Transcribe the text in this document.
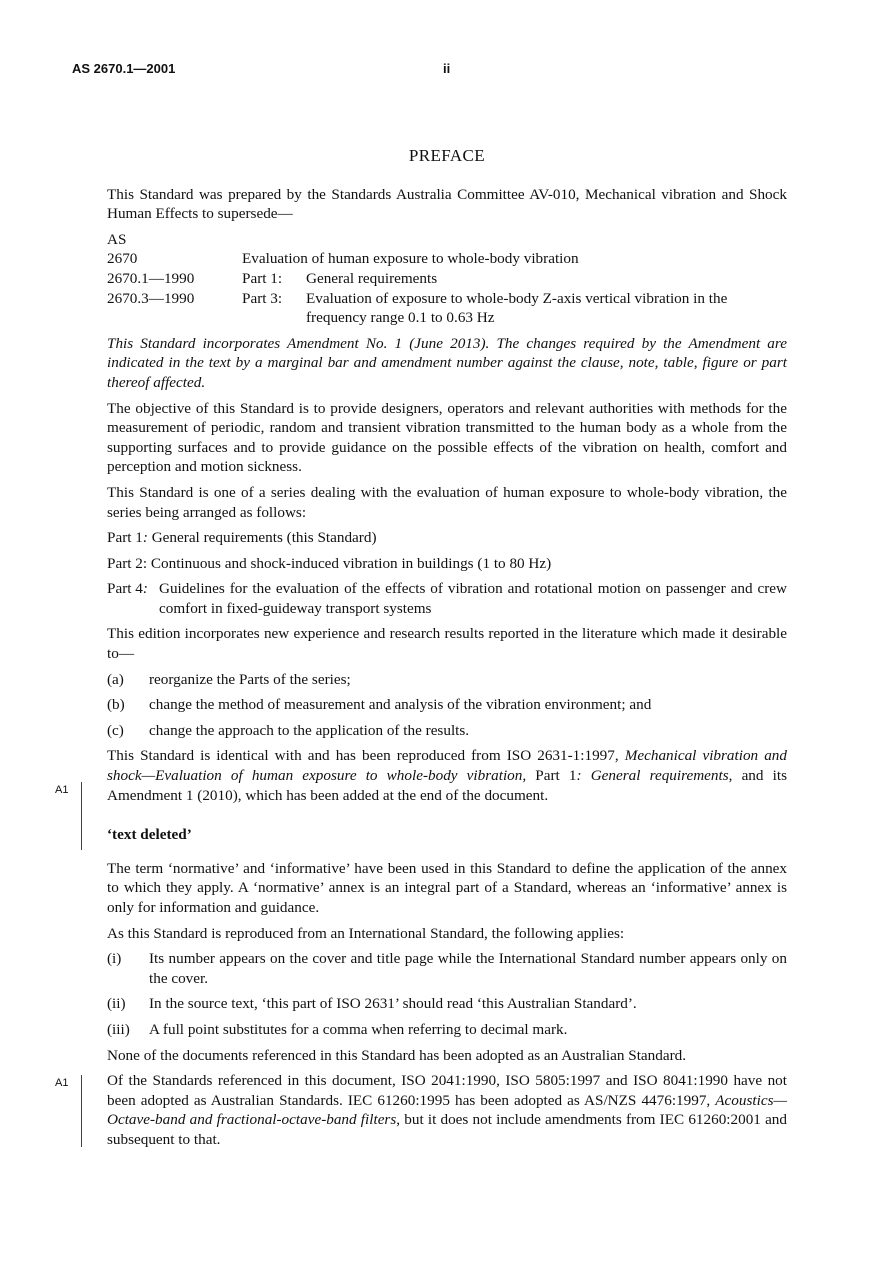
AS 2670.1—2001	ii
A1
A1
PREFACE

This Standard was prepared by the Standards Australia Committee AV-010, Mechanical vibration and Shock Human Effects to supersede—

AS
2670	Evaluation of human exposure to whole-body vibration
2670.1—1990	Part 1:	General requirements
2670.3—1990	Part 3:	Evaluation of exposure to whole-body Z-axis vertical vibration in the frequency range 0.1 to 0.63 Hz

This Standard incorporates Amendment No. 1 (June 2013). The changes required by the Amendment are indicated in the text by a marginal bar and amendment number against the clause, note, table, figure or part thereof affected.

The objective of this Standard is to provide designers, operators and relevant authorities with methods for the measurement of periodic, random and transient vibration transmitted to the human body as a whole from the supporting surfaces and to provide guidance on the possible effects of the vibration on health, comfort and perception and motion sickness.

This Standard is one of a series dealing with the evaluation of human exposure to whole-body vibration, the series being arranged as follows:

Part 1: General requirements (this Standard)
Part 2: Continuous and shock-induced vibration in buildings (1 to 80 Hz)
Part 4: Guidelines for the evaluation of the effects of vibration and rotational motion on passenger and crew comfort in fixed-guideway transport systems

This edition incorporates new experience and research results reported in the literature which made it desirable to—

(a)	reorganize the Parts of the series;
(b)	change the method of measurement and analysis of the vibration environment; and
(c)	change the approach to the application of the results.

This Standard is identical with and has been reproduced from ISO 2631-1:1997, Mechanical vibration and shock—Evaluation of human exposure to whole-body vibration, Part 1: General requirements, and its Amendment 1 (2010), which has been added at the end of the document.

‘text deleted’

The term ‘normative’ and ‘informative’ have been used in this Standard to define the application of the annex to which they apply. A ‘normative’ annex is an integral part of a Standard, whereas an ‘informative’ annex is only for information and guidance.

As this Standard is reproduced from an International Standard, the following applies:

(i)	Its number appears on the cover and title page while the International Standard number appears only on the cover.
(ii)	In the source text, ‘this part of ISO 2631’ should read ‘this Australian Standard’.
(iii)	A full point substitutes for a comma when referring to decimal mark.

None of the documents referenced in this Standard has been adopted as an Australian Standard.

Of the Standards referenced in this document, ISO 2041:1990, ISO 5805:1997 and ISO 8041:1990 have not been adopted as Australian Standards. IEC 61260:1995 has been adopted as AS/NZS 4476:1997, Acoustics—Octave-band and fractional-octave-band filters, but it does not include amendments from IEC 61260:2001 and subsequent to that.
